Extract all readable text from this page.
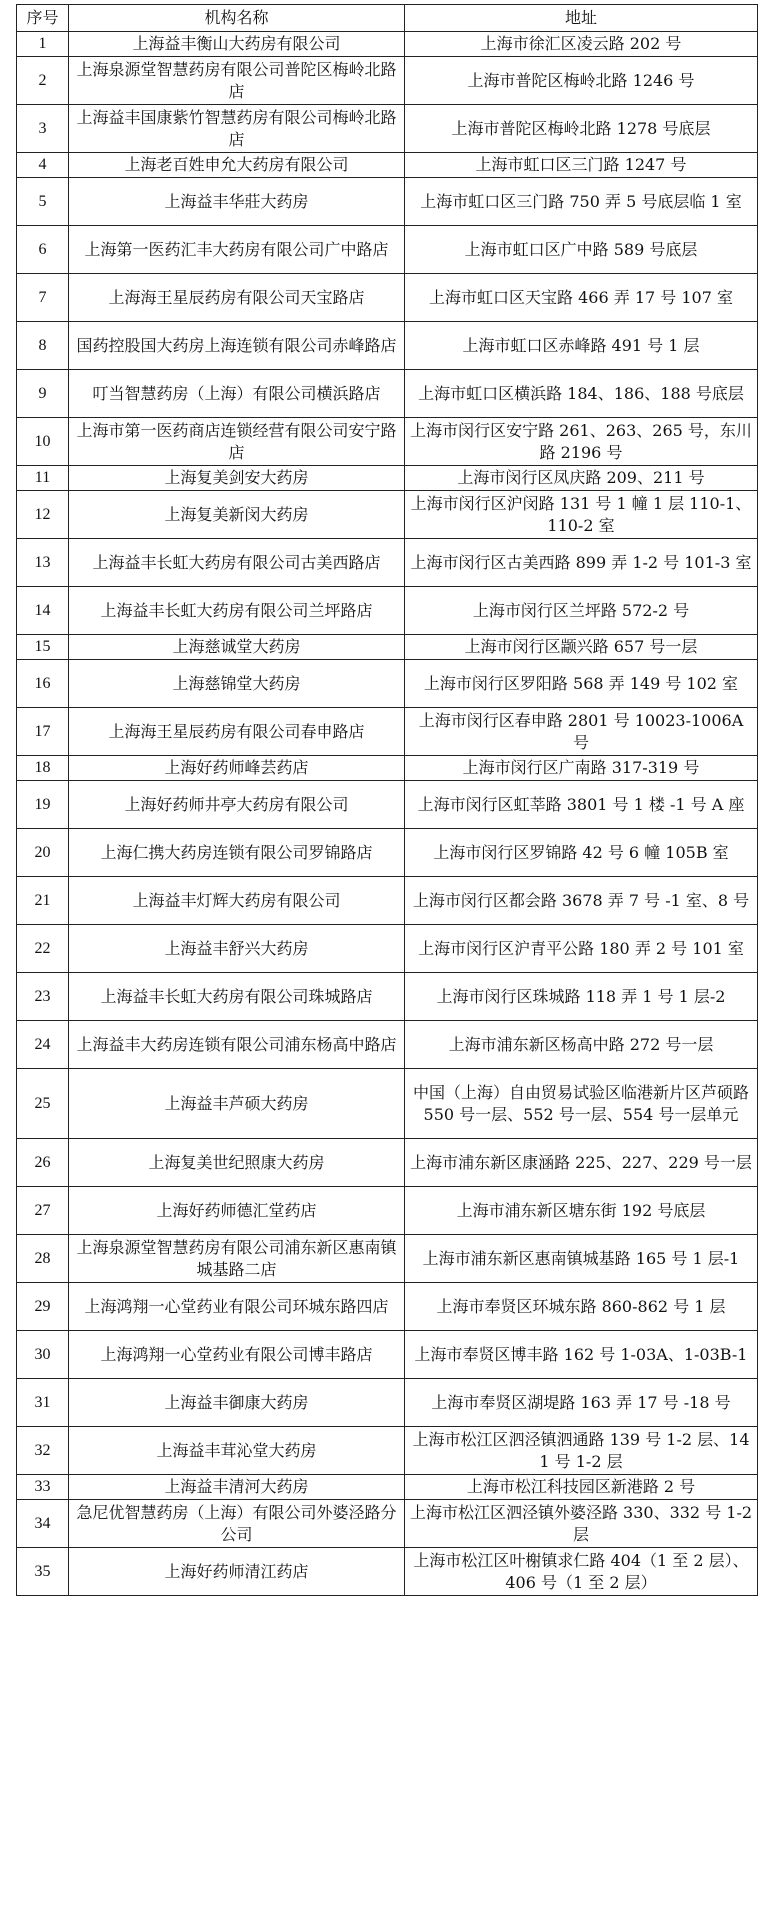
序号	机构名称	地址
1	上海益丰衡山大药房有限公司	上海市徐汇区凌云路 202 号
2	上海泉源堂智慧药房有限公司普陀区梅岭北路店	上海市普陀区梅岭北路 1246 号
3	上海益丰国康紫竹智慧药房有限公司梅岭北路店	上海市普陀区梅岭北路 1278 号底层
4	上海老百姓申允大药房有限公司	上海市虹口区三门路 1247 号
5	上海益丰华莊大药房	上海市虹口区三门路 750 弄 5 号底层临 1 室
6	上海第一医药汇丰大药房有限公司广中路店	上海市虹口区广中路 589 号底层
7	上海海王星辰药房有限公司天宝路店	上海市虹口区天宝路 466 弄 17 号 107 室
8	国药控股国大药房上海连锁有限公司赤峰路店	上海市虹口区赤峰路 491 号 1 层
9	叮当智慧药房（上海）有限公司横浜路店	上海市虹口区横浜路 184、186、188 号底层
10	上海市第一医药商店连锁经营有限公司安宁路店	上海市闵行区安宁路 261、263、265 号，东川路 2196 号
11	上海复美剑安大药房	上海市闵行区凤庆路 209、211 号
12	上海复美新闵大药房	上海市闵行区沪闵路 131 号 1 幢 1 层 110-1、110-2 室
13	上海益丰长虹大药房有限公司古美西路店	上海市闵行区古美西路 899 弄 1-2 号 101-3 室
14	上海益丰长虹大药房有限公司兰坪路店	上海市闵行区兰坪路 572-2 号
15	上海慈诚堂大药房	上海市闵行区颛兴路 657 号一层
16	上海慈锦堂大药房	上海市闵行区罗阳路 568 弄 149 号 102 室
17	上海海王星辰药房有限公司春申路店	上海市闵行区春申路 2801 号 10023-1006A 号
18	上海好药师峰芸药店	上海市闵行区广南路 317-319 号
19	上海好药师井亭大药房有限公司	上海市闵行区虹莘路 3801 号 1 楼 -1 号 A 座
20	上海仁携大药房连锁有限公司罗锦路店	上海市闵行区罗锦路 42 号 6 幢 105B 室
21	上海益丰灯辉大药房有限公司	上海市闵行区都会路 3678 弄 7 号 -1 室、8 号
22	上海益丰舒兴大药房	上海市闵行区沪青平公路 180 弄 2 号 101 室
23	上海益丰长虹大药房有限公司珠城路店	上海市闵行区珠城路 118 弄 1 号 1 层-2
24	上海益丰大药房连锁有限公司浦东杨高中路店	上海市浦东新区杨高中路 272 号一层
25	上海益丰芦硕大药房	中国（上海）自由贸易试验区临港新片区芦硕路 550 号一层、552 号一层、554 号一层单元
26	上海复美世纪照康大药房	上海市浦东新区康涵路 225、227、229 号一层
27	上海好药师德汇堂药店	上海市浦东新区塘东街 192 号底层
28	上海泉源堂智慧药房有限公司浦东新区惠南镇城基路二店	上海市浦东新区惠南镇城基路 165 号 1 层-1
29	上海鸿翔一心堂药业有限公司环城东路四店	上海市奉贤区环城东路 860-862 号 1 层
30	上海鸿翔一心堂药业有限公司博丰路店	上海市奉贤区博丰路 162 号 1-03A、1-03B-1
31	上海益丰御康大药房	上海市奉贤区湖堤路 163 弄 17 号 -18 号
32	上海益丰茸沁堂大药房	上海市松江区泗泾镇泗通路 139 号 1-2 层、141 号 1-2 层
33	上海益丰清河大药房	上海市松江科技园区新港路 2 号
34	急尼优智慧药房（上海）有限公司外婆泾路分公司	上海市松江区泗泾镇外婆泾路 330、332 号 1-2 层
35	上海好药师清江药店	上海市松江区叶榭镇求仁路 404（1 至 2 层）、406 号（1 至 2 层）
